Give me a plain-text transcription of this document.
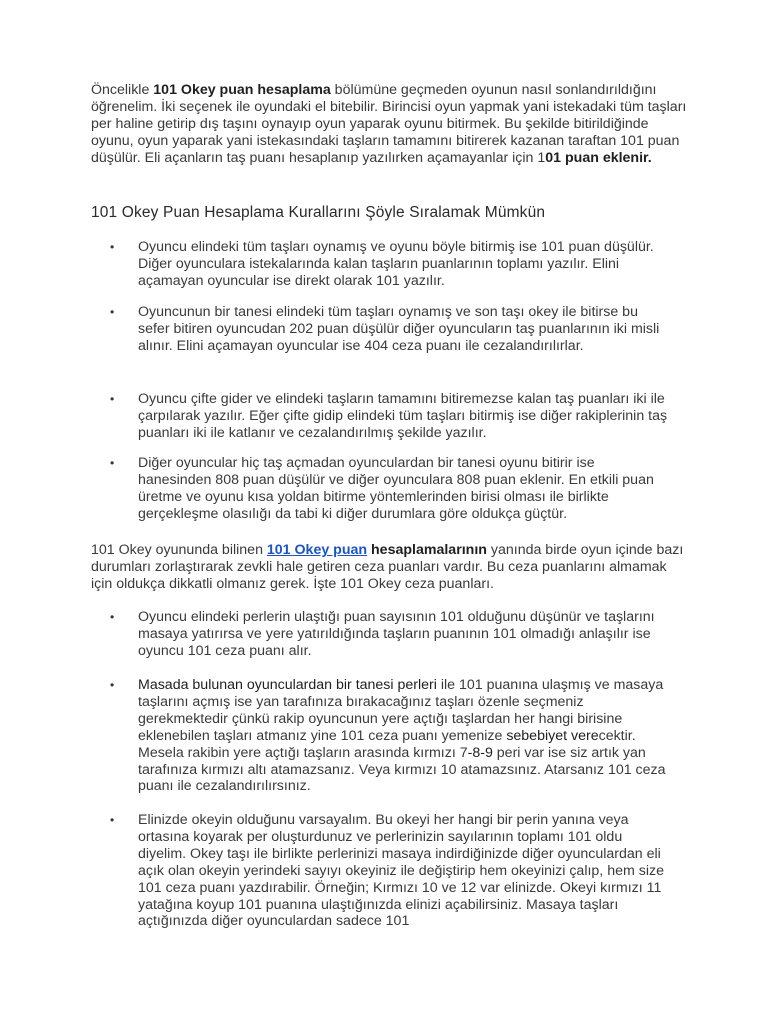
Öncelikle 101 Okey puan hesaplama bölümüne geçmeden oyunun nasıl sonlandırıldığını öğrenelim. İki seçenek ile oyundaki el bitebilir. Birincisi oyun yapmak yani istekadaki tüm taşları per haline getirip dış taşını oynayıp oyun yaparak oyunu bitirmek. Bu şekilde bitirildiğinde oyunu, oyun yaparak yani istekasındaki taşların tamamını bitirerek kazanan taraftan 101 puan düşülür. Eli açanların taş puanı hesaplanıp yazılırken açamayanlar için 101 puan eklenir.

101 Okey Puan Hesaplama Kurallarını Şöyle Sıralamak Mümkün
• Oyuncu elindeki tüm taşları oynamış ve oyunu böyle bitirmiş ise 101 puan düşülür. Diğer oyunculara istekalarında kalan taşların puanlarının toplamı yazılır. Elini açamayan oyuncular ise direkt olarak 101 yazılır.
• Oyuncunun bir tanesi elindeki tüm taşları oynamış ve son taşı okey ile bitirse bu sefer bitiren oyuncudan 202 puan düşülür diğer oyuncuların taş puanlarının iki misli alınır. Elini açamayan oyuncular ise 404 ceza puanı ile cezalandırılırlar.
• Oyuncu çifte gider ve elindeki taşların tamamını bitiremezse kalan taş puanları iki ile çarpılarak yazılır. Eğer çifte gidip elindeki tüm taşları bitirmiş ise diğer rakiplerinin taş puanları iki ile katlanır ve cezalandırılmış şekilde yazılır.
• Diğer oyuncular hiç taş açmadan oyunculardan bir tanesi oyunu bitirir ise hanesinden 808 puan düşülür ve diğer oyunculara 808 puan eklenir. En etkili puan üretme ve oyunu kısa yoldan bitirme yöntemlerinden birisi olması ile birlikte gerçekleşme olasılığı da tabi ki diğer durumlara göre oldukça güçtür.

101 Okey oyununda bilinen 101 Okey puan hesaplamalarının yanında birde oyun içinde bazı durumları zorlaştırarak zevkli hale getiren ceza puanları vardır. Bu ceza puanlarını almamak için oldukça dikkatli olmanız gerek. İşte 101 Okey ceza puanları.

• Oyuncu elindeki perlerin ulaştığı puan sayısının 101 olduğunu düşünür ve taşlarını masaya yatırırsa ve yere yatırıldığında taşların puanının 101 olmadığı anlaşılır ise oyuncu 101 ceza puanı alır.
• Masada bulunan oyunculardan bir tanesi perleri ile 101 puanına ulaşmış ve masaya taşlarını açmış ise yan tarafınıza bırakacağınız taşları özenle seçmeniz gerekmektedir çünkü rakip oyuncunun yere açtığı taşlardan her hangi birisine eklenebilen taşları atmanız yine 101 ceza puanı yemenize sebebiyet verecektir. Mesela rakibin yere açtığı taşların arasında kırmızı 7-8-9 peri var ise siz artık yan tarafınıza kırmızı altı atamazsanız. Veya kırmızı 10 atamazsınız. Atarsanız 101 ceza puanı ile cezalandırılırsınız.
• Elinizde okeyin olduğunu varsayalım. Bu okeyi her hangi bir perin yanına veya ortasına koyarak per oluşturdunuz ve perlerinizin sayılarının toplamı 101 oldu diyelim. Okey taşı ile birlikte perlerinizi masaya indirdiğinizde diğer oyunculardan eli açık olan okeyin yerindeki sayıyı okeyiniz ile değiştirip hem okeyinizi çalıp, hem size 101 ceza puanı yazdırabilir. Örneğin; Kırmızı 10 ve 12 var elinizde. Okeyi kırmızı 11 yatağına koyup 101 puanına ulaştığınızda elinizi açabilirsiniz. Masaya taşları açtığınızda diğer oyunculardan sadece 101
